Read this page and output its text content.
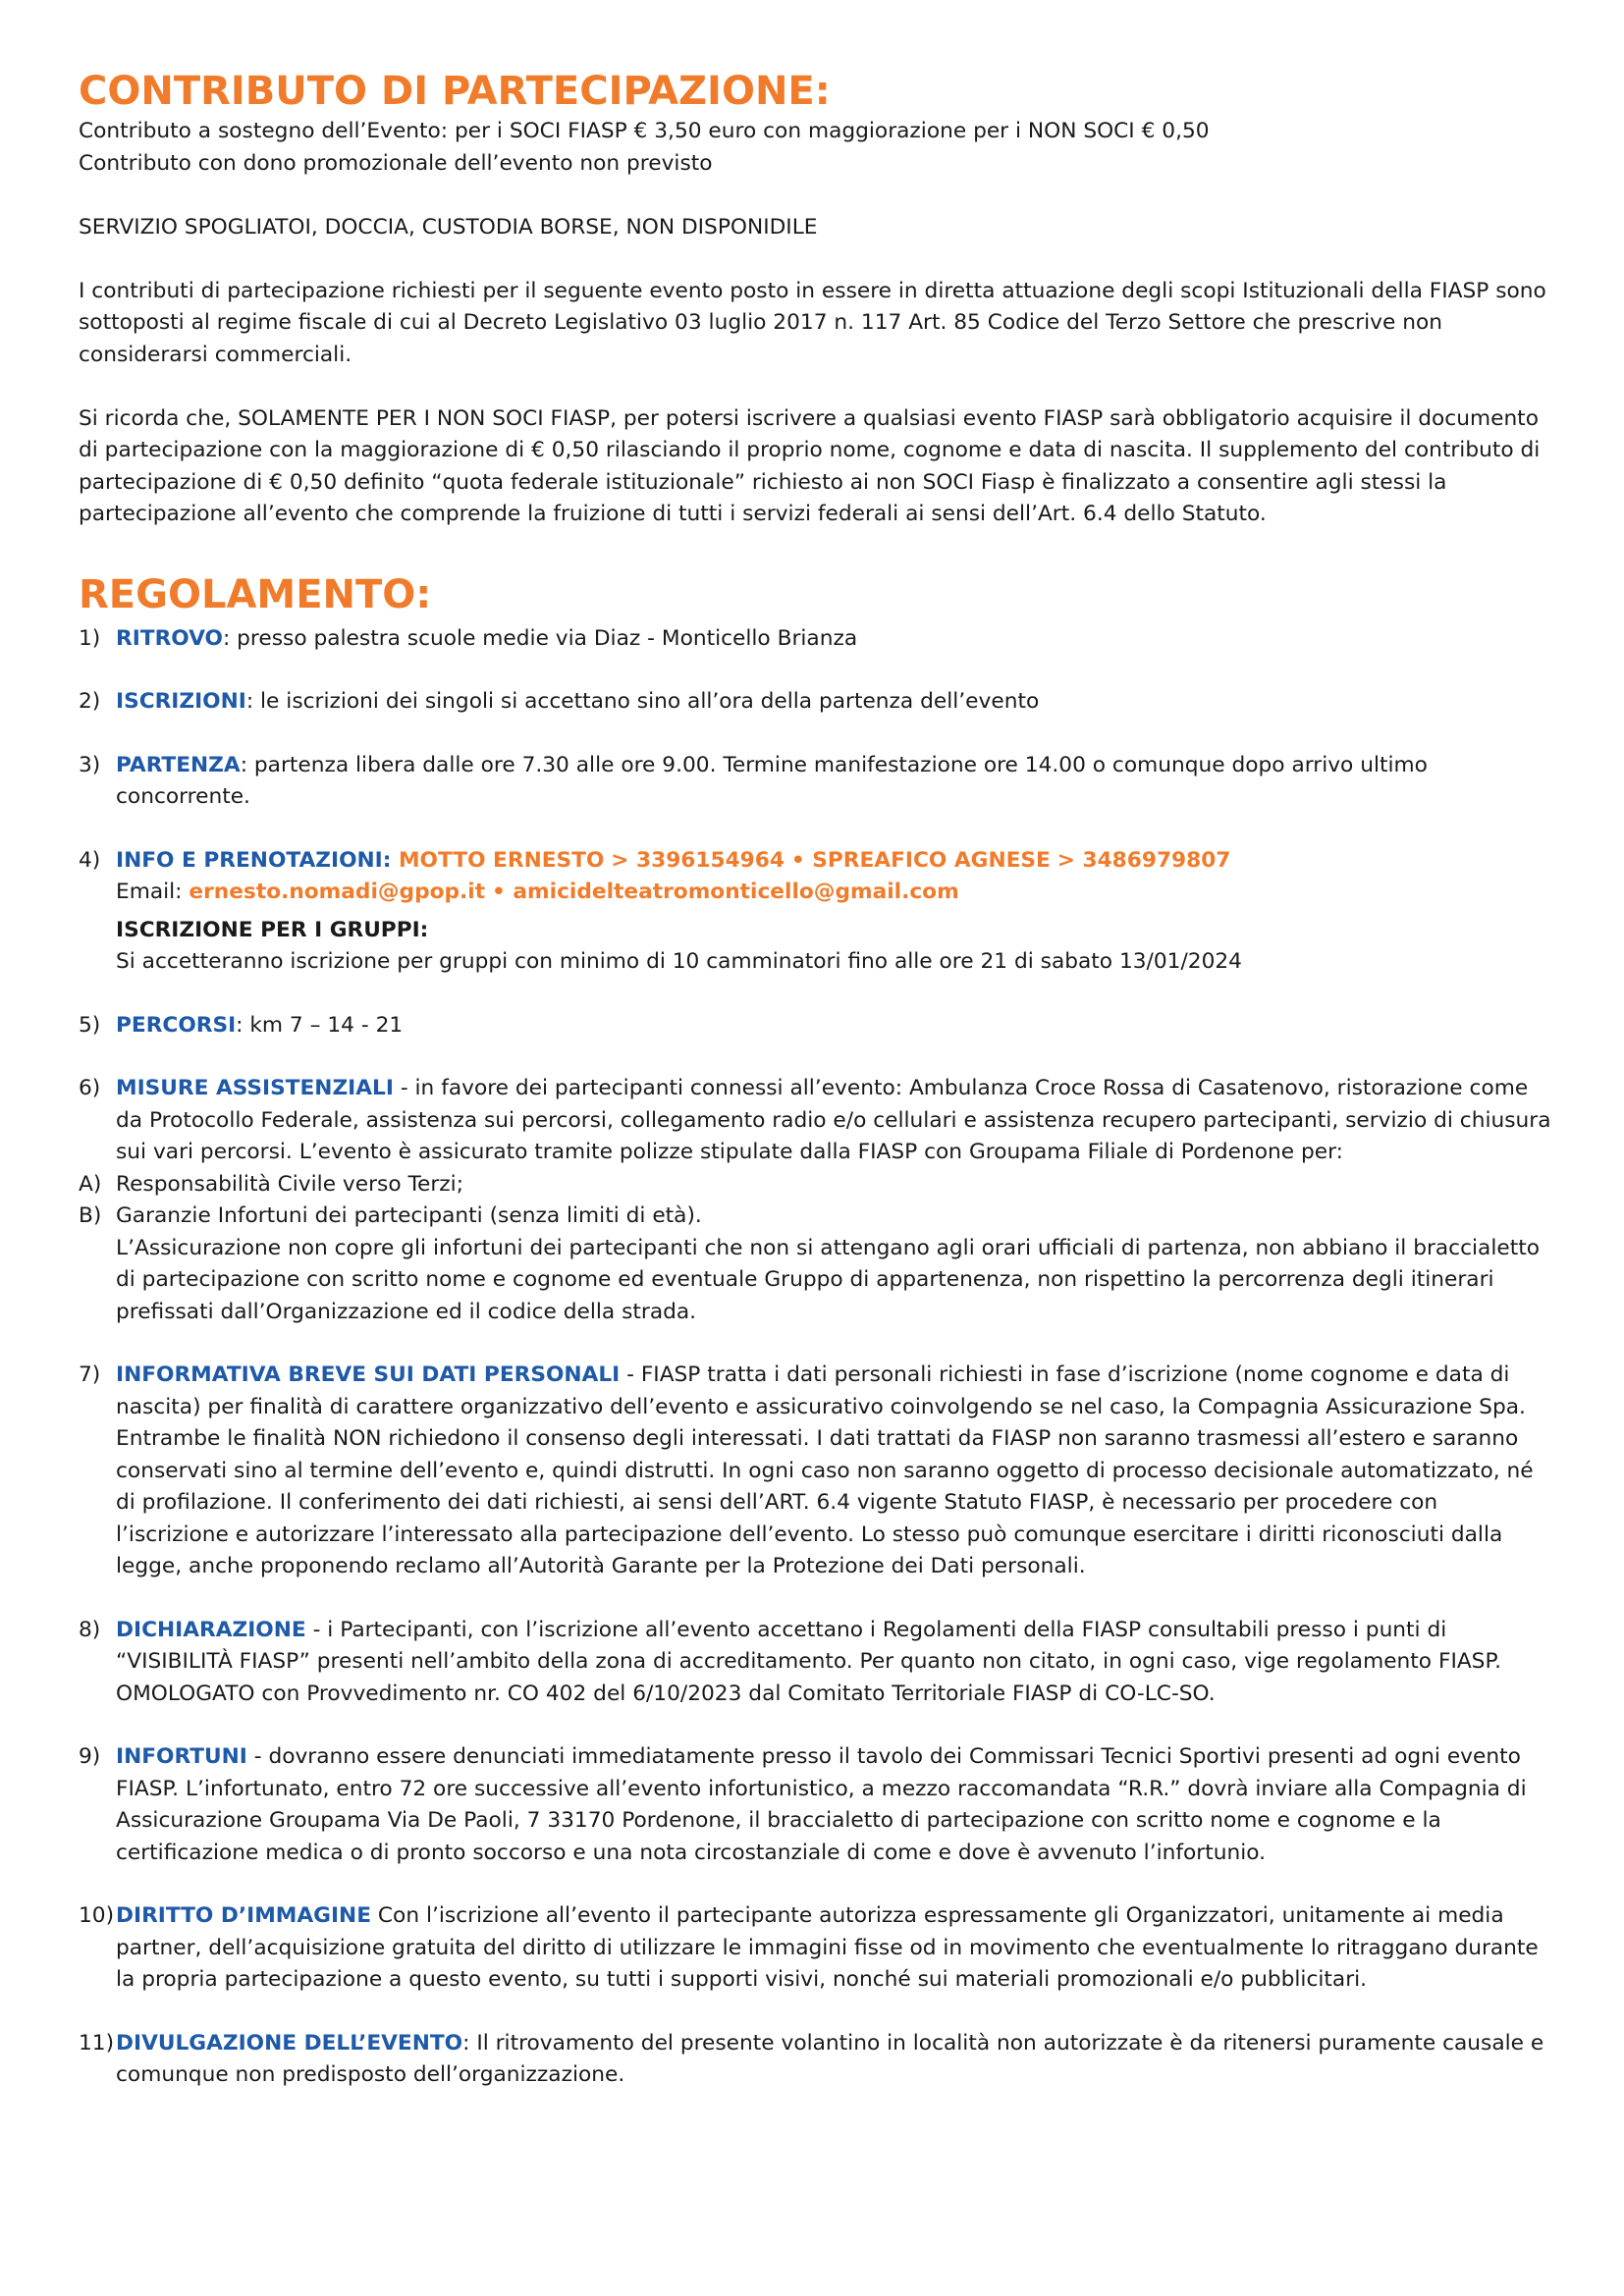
CONTRIBUTO DI PARTECIPAZIONE:

Contributo a sostegno dell’Evento: per i SOCI FIASP € 3,50 euro con maggiorazione per i NON SOCI € 0,50

Contributo con dono promozionale dell’evento non previsto

SERVIZIO SPOGLIATOI, DOCCIA, CUSTODIA BORSE, NON DISPONIDILE

I contributi di partecipazione richiesti per il seguente evento posto in essere in diretta attuazione degli scopi Istituzionali della FIASP sono sottoposti al regime fiscale di cui al Decreto Legislativo 03 luglio 2017 n. 117 Art. 85 Codice del Terzo Settore che prescrive non considerarsi commerciali.

Si ricorda che, SOLAMENTE PER I NON SOCI FIASP, per potersi iscrivere a qualsiasi evento FIASP sarà obbligatorio acquisire il documento di partecipazione con la maggiorazione di € 0,50 rilasciando il proprio nome, cognome e data di nascita. Il supplemento del contributo di partecipazione di € 0,50 definito “quota federale istituzionale” richiesto ai non SOCI Fiasp è finalizzato a consentire agli stessi la partecipazione all’evento che comprende la fruizione di tutti i servizi federali ai sensi dell’Art. 6.4 dello Statuto.

REGOLAMENTO:
1) RITROVO: presso palestra scuole medie via Diaz - Monticello Brianza
2) ISCRIZIONI: le iscrizioni dei singoli si accettano sino all’ora della partenza dell’evento
3) PARTENZA: partenza libera dalle ore 7.30 alle ore 9.00. Termine manifestazione ore 14.00 o comunque dopo arrivo ultimo concorrente.
4) INFO E PRENOTAZIONI: MOTTO ERNESTO > 3396154964 • SPREAFICO AGNESE > 3486979807

Email: ernesto.nomadi@gpop.it • amicidelteatromonticello@gmail.com

ISCRIZIONE PER I GRUPPI:

Si accetteranno iscrizione per gruppi con minimo di 10 camminatori fino alle ore 21 di sabato 13/01/2024

5) PERCORSI: km 7 – 14 - 21
6) MISURE ASSISTENZIALI - in favore dei partecipanti connessi all’evento: Ambulanza Croce Rossa di Casatenovo, ristorazione come da Protocollo Federale, assistenza sui percorsi, collegamento radio e/o cellulari e assistenza recupero partecipanti, servizio di chiusura sui vari percorsi. L’evento è assicurato tramite polizze stipulate dalla FIASP con Groupama Filiale di Pordenone per:

A) Responsabilità Civile verso Terzi;
B) Garanzie Infortuni dei partecipanti (senza limiti di età).

L’Assicurazione non copre gli infortuni dei partecipanti che non si attengano agli orari ufficiali di partenza, non abbiano il braccialetto di partecipazione con scritto nome e cognome ed eventuale Gruppo di appartenenza, non rispettino la percorrenza degli itinerari prefissati dall’Organizzazione ed il codice della strada.

7) INFORMATIVA BREVE SUI DATI PERSONALI - FIASP tratta i dati personali richiesti in fase d’iscrizione (nome cognome e data di nascita) per finalità di carattere organizzativo dell’evento e assicurativo coinvolgendo se nel caso, la Compagnia Assicurazione Spa. Entrambe le finalità NON richiedono il consenso degli interessati. I dati trattati da FIASP non saranno trasmessi all’estero e saranno conservati sino al termine dell’evento e, quindi distrutti. In ogni caso non saranno oggetto di processo decisionale automatizzato, né di profilazione. Il conferimento dei dati richiesti, ai sensi dell’ART. 6.4 vigente Statuto FIASP, è necessario per procedere con l’iscrizione e autorizzare l’interessato alla partecipazione dell’evento. Lo stesso può comunque esercitare i diritti riconosciuti dalla legge, anche proponendo reclamo all’Autorità Garante per la Protezione dei Dati personali.
8) DICHIARAZIONE - i Partecipanti, con l’iscrizione all’evento accettano i Regolamenti della FIASP consultabili presso i punti di “VISIBILITÀ FIASP” presenti nell’ambito della zona di accreditamento. Per quanto non citato, in ogni caso, vige regolamento FIASP.

OMOLOGATO con Provvedimento nr. CO 402 del 6/10/2023 dal Comitato Territoriale FIASP di CO-LC-SO.

9) INFORTUNI - dovranno essere denunciati immediatamente presso il tavolo dei Commissari Tecnici Sportivi presenti ad ogni evento FIASP. L’infortunato, entro 72 ore successive all’evento infortunistico, a mezzo raccomandata “R.R.” dovrà inviare alla Compagnia di Assicurazione Groupama Via De Paoli, 7 33170 Pordenone, il braccialetto di partecipazione con scritto nome e cognome e la certificazione medica o di pronto soccorso e una nota circostanziale di come e dove è avvenuto l’infortunio.
10) DIRITTO D’IMMAGINE Con l’iscrizione all’evento il partecipante autorizza espressamente gli Organizzatori, unitamente ai media partner, dell’acquisizione gratuita del diritto di utilizzare le immagini fisse od in movimento che eventualmente lo ritraggano durante la propria partecipazione a questo evento, su tutti i supporti visivi, nonché sui materiali promozionali e/o pubblicitari.
11) DIVULGAZIONE DELL’EVENTO: Il ritrovamento del presente volantino in località non autorizzate è da ritenersi puramente causale e comunque non predisposto dell’organizzazione.
